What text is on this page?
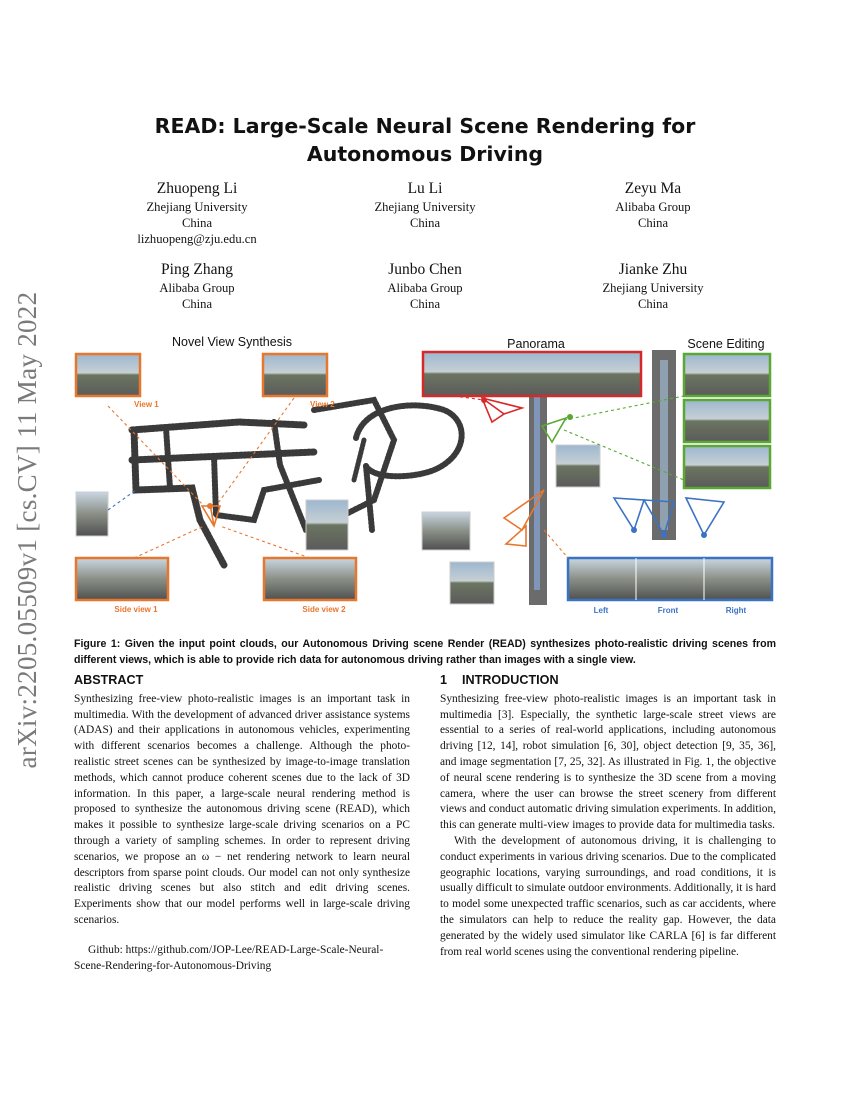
arXiv:2205.05509v1 [cs.CV] 11 May 2022
READ: Large-Scale Neural Scene Rendering for
Autonomous Driving
Zhuopeng Li
Zhejiang University
China
lizhuopeng@zju.edu.cn
Lu Li
Zhejiang University
China
Zeyu Ma
Alibaba Group
China
Ping Zhang
Alibaba Group
China
Junbo Chen
Alibaba Group
China
Jianke Zhu
Zhejiang University
China
Novel View Synthesis	Panorama	Scene Editing
View 1	View 2
Side view 1	Side view 2	Left	Front	Right
Figure 1: Given the input point clouds, our Autonomous Driving scene Render (READ) synthesizes photo-realistic driving scenes from different views, which is able to provide rich data for autonomous driving rather than images with a single view.
ABSTRACT

Synthesizing free-view photo-realistic images is an important task in multimedia. With the development of advanced driver assistance systems (ADAS) and their applications in autonomous vehicles, experimenting with different scenarios becomes a challenge. Although the photo-realistic street scenes can be synthesized by image-to-image translation methods, which cannot produce coherent scenes due to the lack of 3D information. In this paper, a large-scale neural rendering method is proposed to synthesize the autonomous driving scene (READ), which makes it possible to synthesize large-scale driving scenarios on a PC through a variety of sampling schemes. In order to represent driving scenarios, we propose an ω − net rendering network to learn neural descriptors from sparse point clouds. Our model can not only synthesize realistic driving scenes but also stitch and edit driving scenes. Experiments show that our model performs well in large-scale driving scenarios.

Github: https://github.com/JOP-Lee/READ-Large-Scale-Neural-Scene-Rendering-for-Autonomous-Driving

1 INTRODUCTION

Synthesizing free-view photo-realistic images is an important task in multimedia [3]. Especially, the synthetic large-scale street views are essential to a series of real-world applications, including autonomous driving [12, 14], robot simulation [6, 30], object detection [9, 35, 36], and image segmentation [7, 25, 32]. As illustrated in Fig. 1, the objective of neural scene rendering is to synthesize the 3D scene from a moving camera, where the user can browse the street scenery from different views and conduct automatic driving simulation experiments. In addition, this can generate multi-view images to provide data for multimedia tasks.

With the development of autonomous driving, it is challenging to conduct experiments in various driving scenarios. Due to the complicated geographic locations, varying surroundings, and road conditions, it is usually difficult to simulate outdoor environments. Additionally, it is hard to model some unexpected traffic scenarios, such as car accidents, where the simulators can help to reduce the reality gap. However, the data generated by the widely used simulator like CARLA [6] is far different from real world scenes using the conventional rendering pipeline.
